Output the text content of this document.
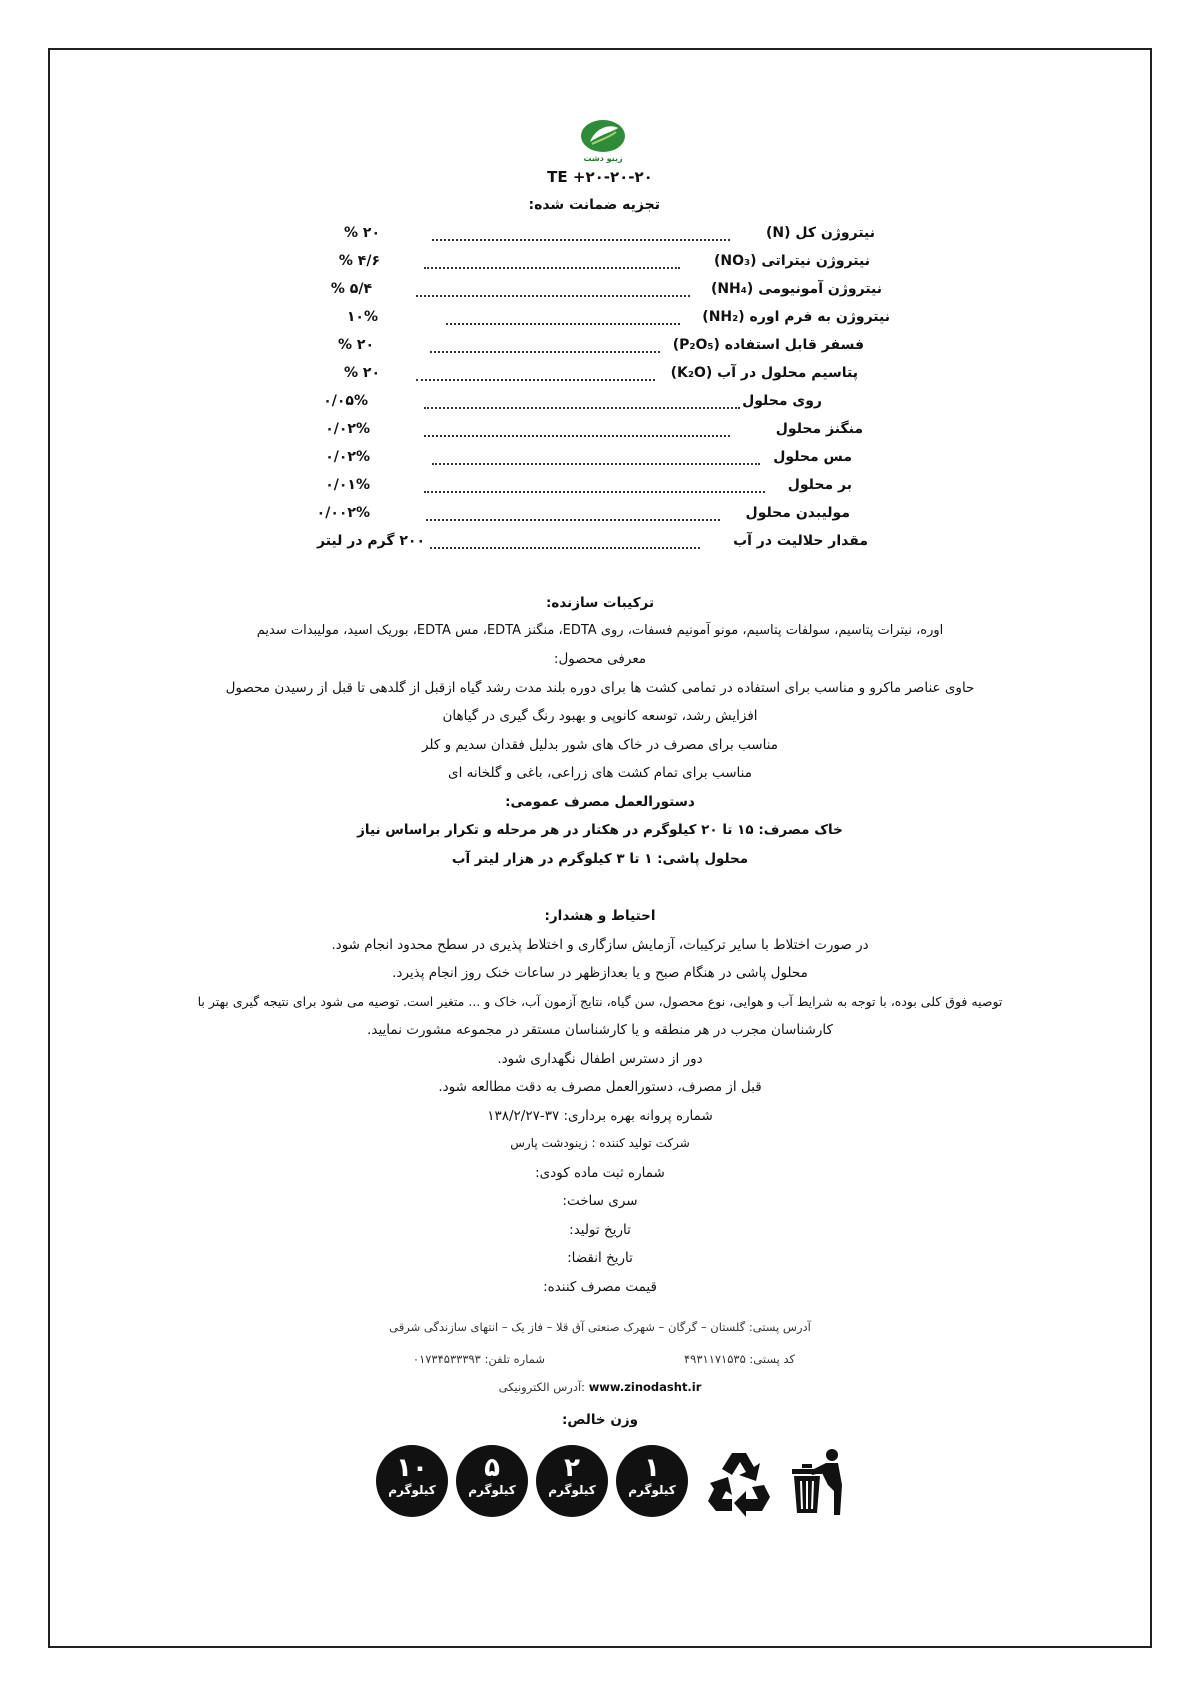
زینو دشت
TE +۲۰-۲۰-۲۰
تجزیه ضمانت شده:
نیتروژن کل (N)
۲۰ %
نیتروژن نیتراتی (NO₃)
۴/۶ %
نیتروژن آمونیومی (NH₄)
۵/۴ %
نیتروژن به فرم اوره (NH₂)
۱۰%
فسفر قابل استفاده (P₂O₅)
۲۰ %
پتاسیم محلول در آب (K₂O)
۲۰ %
روی محلول
۰/۰۵%
منگنز محلول
۰/۰۲%
مس محلول
۰/۰۲%
بر محلول
۰/۰۱%
مولیبدن محلول
۰/۰۰۲%
مقدار حلالیت در آب
۲۰۰ گرم در لیتر
ترکیبات سازنده:
اوره، نیترات پتاسیم، سولفات پتاسیم، مونو آمونیم فسفات، روی EDTA، منگنز EDTA، مس EDTA، بوریک اسید، مولیبدات سدیم
معرفی محصول:
حاوی عناصر ماکرو و مناسب برای استفاده در تمامی کشت ها برای دوره بلند مدت رشد گیاه ازقبل از گلدهی تا قبل از رسیدن محصول
افزایش رشد، توسعه کانوپی و بهبود رنگ گیری در گیاهان
مناسب برای مصرف در خاک های شور بدلیل فقدان سدیم و کلر
مناسب برای تمام کشت های زراعی، باغی و گلخانه ای
دستورالعمل مصرف عمومی:
خاک مصرف: ۱۵ تا ۲۰ کیلوگرم در هکتار در هر مرحله و تکرار براساس نیاز
محلول پاشی: ۱ تا ۳ کیلوگرم در هزار لیتر آب
احتیاط و هشدار:
در صورت اختلاط با سایر ترکیبات، آزمایش سازگاری و اختلاط پذیری در سطح محدود انجام شود.
محلول پاشی در هنگام صبح و یا بعدازظهر در ساعات خنک روز انجام پذیرد.
توصیه فوق کلی بوده، با توجه به شرایط آب و هوایی، نوع محصول، سن گیاه، نتایج آزمون آب، خاک و ... متغیر است. توصیه می شود برای نتیجه گیری بهتر با
کارشناسان مجرب در هر منطقه و یا کارشناسان مستقر در مجموعه مشورت نمایید.
دور از دسترس اطفال نگهداری شود.
قبل از مصرف، دستورالعمل مصرف به دقت مطالعه شود.
شماره پروانه بهره برداری: ۳۷-۱۳۸/۲/۲۷
شرکت تولید کننده : زینودشت پارس
شماره ثبت ماده کودی:
سری ساخت:
تاریخ تولید:
تاریخ انقضا:
قیمت مصرف کننده:
آدرس پستی: گلستان – گرگان – شهرک صنعتی آق قلا – فاز یک – انتهای سازندگی شرقی
کد پستی: ۴۹۳۱۱۷۱۵۳۵
شماره تلفن: ۰۱۷۳۴۵۳۳۳۹۳
آدرس الکترونیکی: www.zinodasht.ir
وزن خالص:
۱۰
کیلوگرم
۵
کیلوگرم
۲
کیلوگرم
۱
کیلوگرم
